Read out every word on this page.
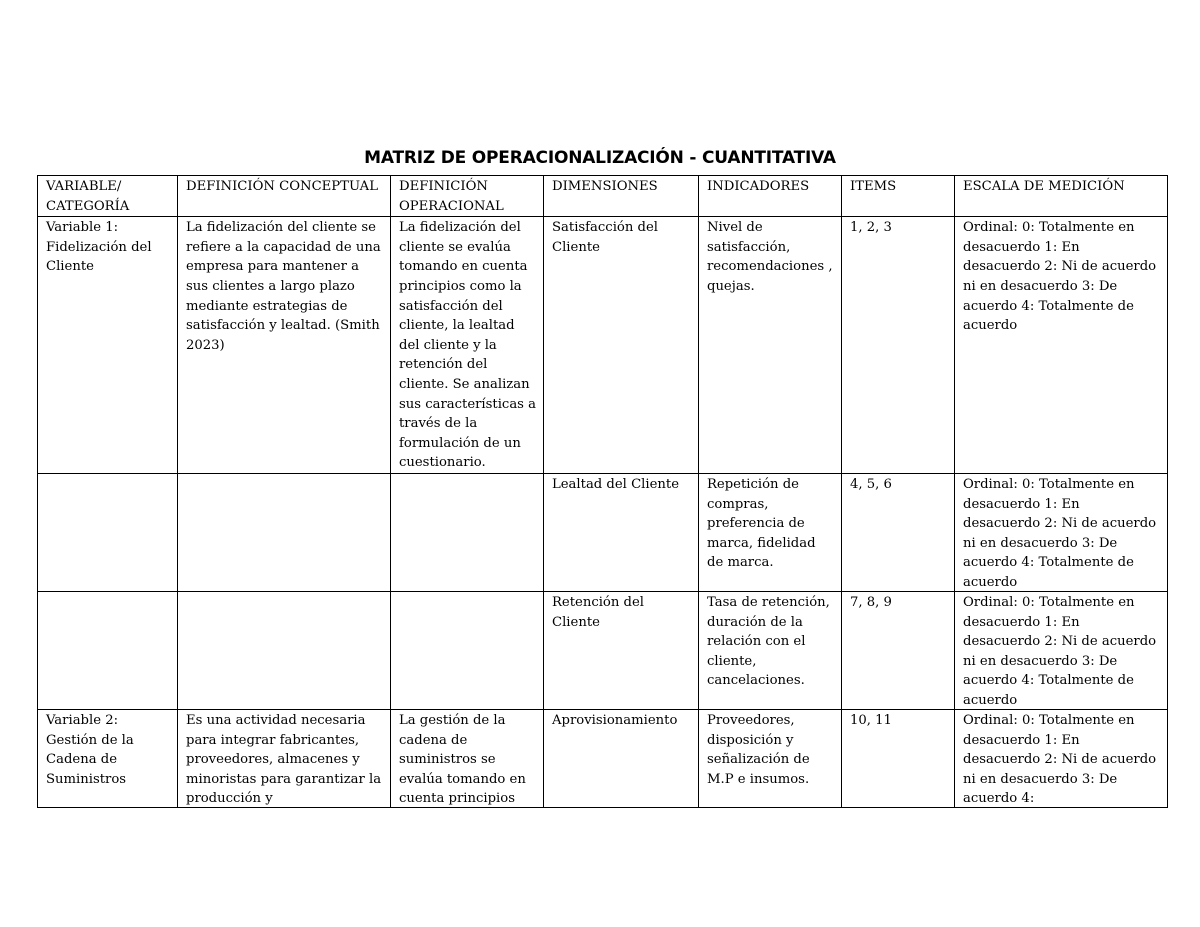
MATRIZ DE OPERACIONALIZACIÓN - CUANTITATIVA
VARIABLE/ CATEGORÍA	DEFINICIÓN CONCEPTUAL	DEFINICIÓN OPERACIONAL	DIMENSIONES	INDICADORES	ITEMS	ESCALA DE MEDICIÓN
Variable 1: Fidelización del Cliente	La fidelización del cliente se refiere a la capacidad de una empresa para mantener a sus clientes a largo plazo mediante estrategias de satisfacción y lealtad. (Smith 2023)	La fidelización del cliente se evalúa tomando en cuenta principios como la satisfacción del cliente, la lealtad del cliente y la retención del cliente. Se analizan sus características a través de la formulación de un cuestionario.	Satisfacción del Cliente	Nivel de satisfacción, recomendaciones , quejas.	1, 2, 3	Ordinal: 0: Totalmente en desacuerdo 1: En desacuerdo 2: Ni de acuerdo ni en desacuerdo 3: De acuerdo 4: Totalmente de acuerdo
			Lealtad del Cliente	Repetición de compras, preferencia de marca, fidelidad de marca.	4, 5, 6	Ordinal: 0: Totalmente en desacuerdo 1: En desacuerdo 2: Ni de acuerdo ni en desacuerdo 3: De acuerdo 4: Totalmente de acuerdo

			Retención del Cliente	Tasa de retención, duración de la relación con el cliente, cancelaciones.	7, 8, 9	Ordinal: 0: Totalmente en desacuerdo 1: En desacuerdo 2: Ni de acuerdo ni en desacuerdo 3: De acuerdo 4: Totalmente de acuerdo

Variable 2: Gestión de la Cadena de Suministros	Es una actividad necesaria para integrar fabricantes, proveedores, almacenes y minoristas para garantizar la producción y	La gestión de la cadena de suministros se evalúa tomando en cuenta principios	Aprovisionamiento	Proveedores, disposición y señalización de M.P e insumos.	10, 11	Ordinal: 0: Totalmente en desacuerdo 1: En desacuerdo 2: Ni de acuerdo ni en desacuerdo 3: De acuerdo 4:
